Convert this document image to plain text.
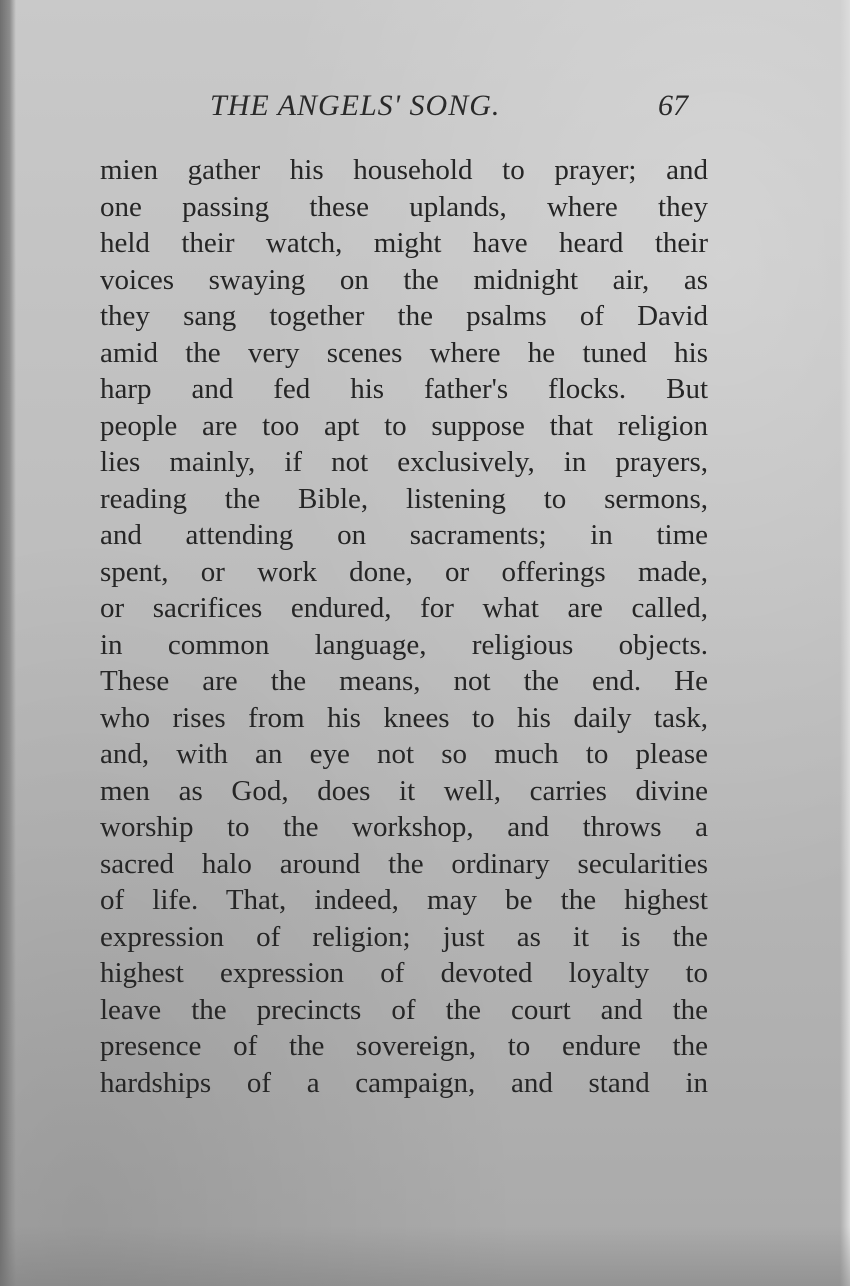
THE ANGELS' SONG.	67
mien gather his household to prayer; and
one passing these uplands, where they
held their watch, might have heard their
voices swaying on the midnight air, as
they sang together the psalms of David
amid the very scenes where he tuned his
harp and fed his father's flocks. But
people are too apt to suppose that religion
lies mainly, if not exclusively, in prayers,
reading the Bible, listening to sermons,
and attending on sacraments; in time
spent, or work done, or offerings made,
or sacrifices endured, for what are called,
in common language, religious objects.
These are the means, not the end. He
who rises from his knees to his daily task,
and, with an eye not so much to please
men as God, does it well, carries divine
worship to the workshop, and throws a
sacred halo around the ordinary secularities
of life. That, indeed, may be the highest
expression of religion; just as it is the
highest expression of devoted loyalty to
leave the precincts of the court and the
presence of the sovereign, to endure the
hardships of a campaign, and stand in
